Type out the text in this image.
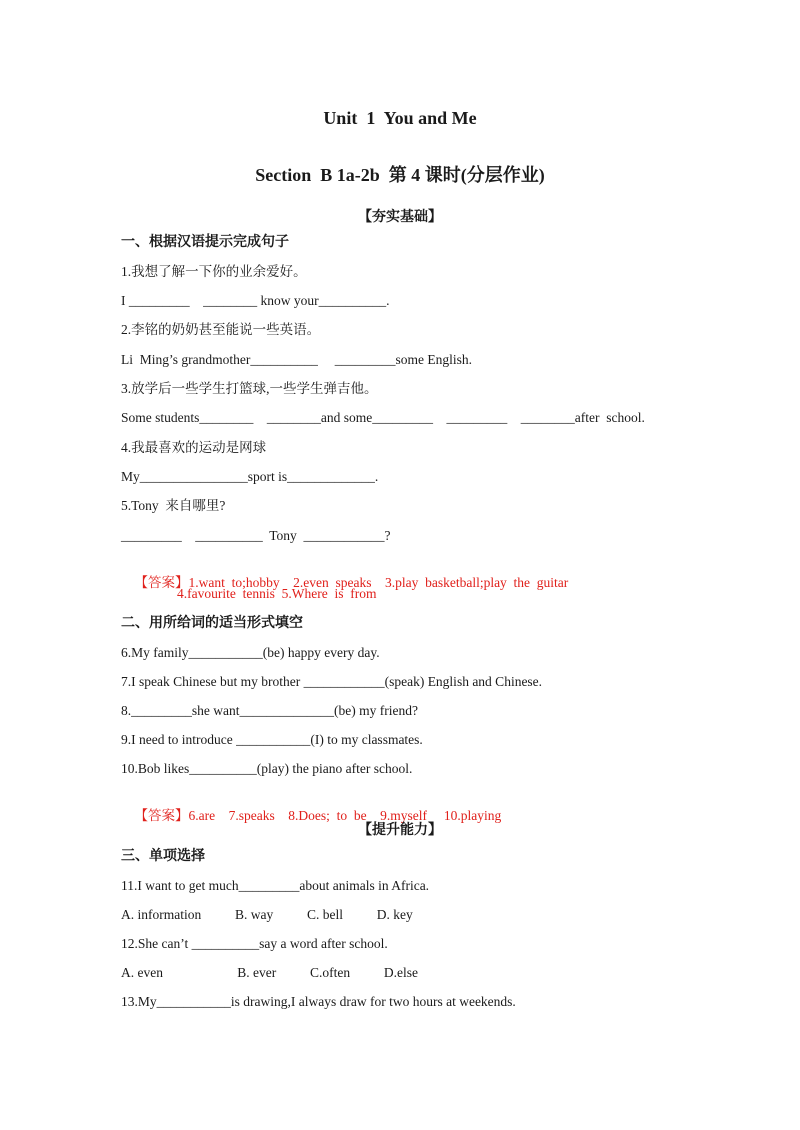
Unit  1  You and Me
Section  B 1a-2b  第 4 课时(分层作业)
【夯实基础】
一、根据汉语提示完成句子
1.我想了解一下你的业余爱好。
I _________    ________ know your__________.
2.李铭的奶奶甚至能说一些英语。
Li  Ming’s grandmother__________     _________some English.
3.放学后一些学生打篮球,一些学生弹吉他。
Some students________    ________and some_________    _________    ________after  school.
4.我最喜欢的运动是网球
My________________sport is_____________.
5.Tony  来自哪里?
_________    __________  Tony  ____________?

【答案】1.want  to;hobby    2.even  speaks    3.play  basketball;play  the  guitar

4.favourite  tennis  5.Where  is  from
二、用所给词的适当形式填空
6.My family___________(be) happy every day.
7.I speak Chinese but my brother ____________(speak) English and Chinese.
8._________she want______________(be) my friend?
9.I need to introduce ___________(I) to my classmates.
10.Bob likes__________(play) the piano after school.

【答案】6.are    7.speaks    8.Does;  to  be    9.myself     10.playing

【提升能力】
三、单项选择
11.I want to get much_________about animals in Africa.
A. information          B. way          C. bell          D. key
12.She can’t __________say a word after school.
A. even                      B. ever          C.often          D.else
13.My___________is drawing,I always draw for two hours at weekends.
